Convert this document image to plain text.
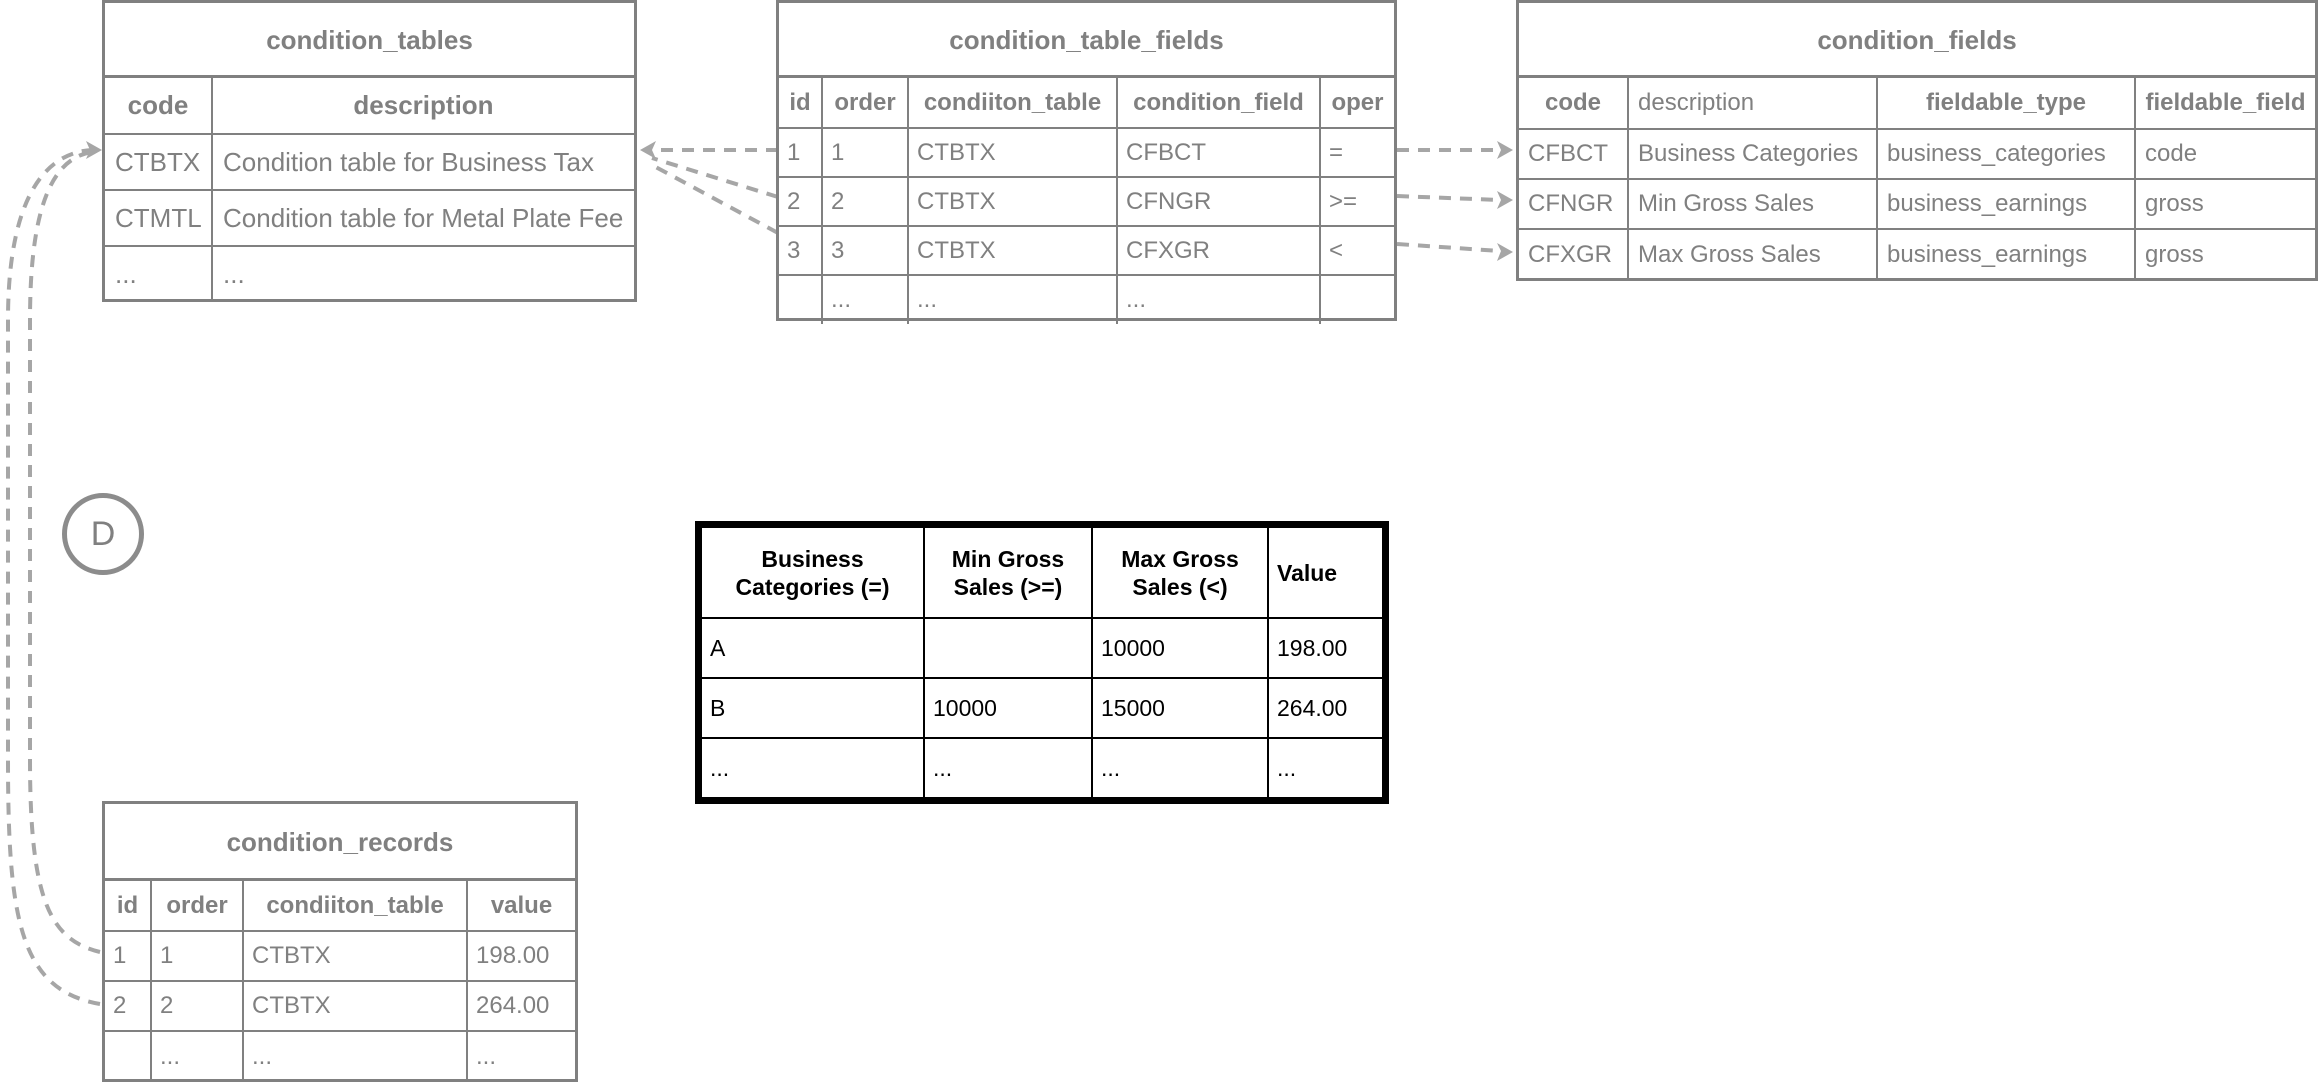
condition_tables
code	description
CTBTX	Condition table for Business Tax
CTMTL	Condition table for Metal Plate Fee
...	...
condition_table_fields
id	order	condiiton_table	condition_field	oper
1	1	CTBTX	CFBCT	=
2	2	CTBTX	CFNGR	>=
3	3	CTBTX	CFXGR	<
	...	...	...	
condition_fields
code	description	fieldable_type	fieldable_field
CFBCT	Business Categories	business_categories	code
CFNGR	Min Gross Sales	business_earnings	gross
CFXGR	Max Gross Sales	business_earnings	gross
D
Business Categories (=)	Min Gross Sales (>=)	Max Gross Sales (<)	Value
A		10000	198.00
B	10000	15000	264.00
...	...	...	...
condition_records
id	order	condiiton_table	value
1	1	CTBTX	198.00
2	2	CTBTX	264.00
	...	...	...
